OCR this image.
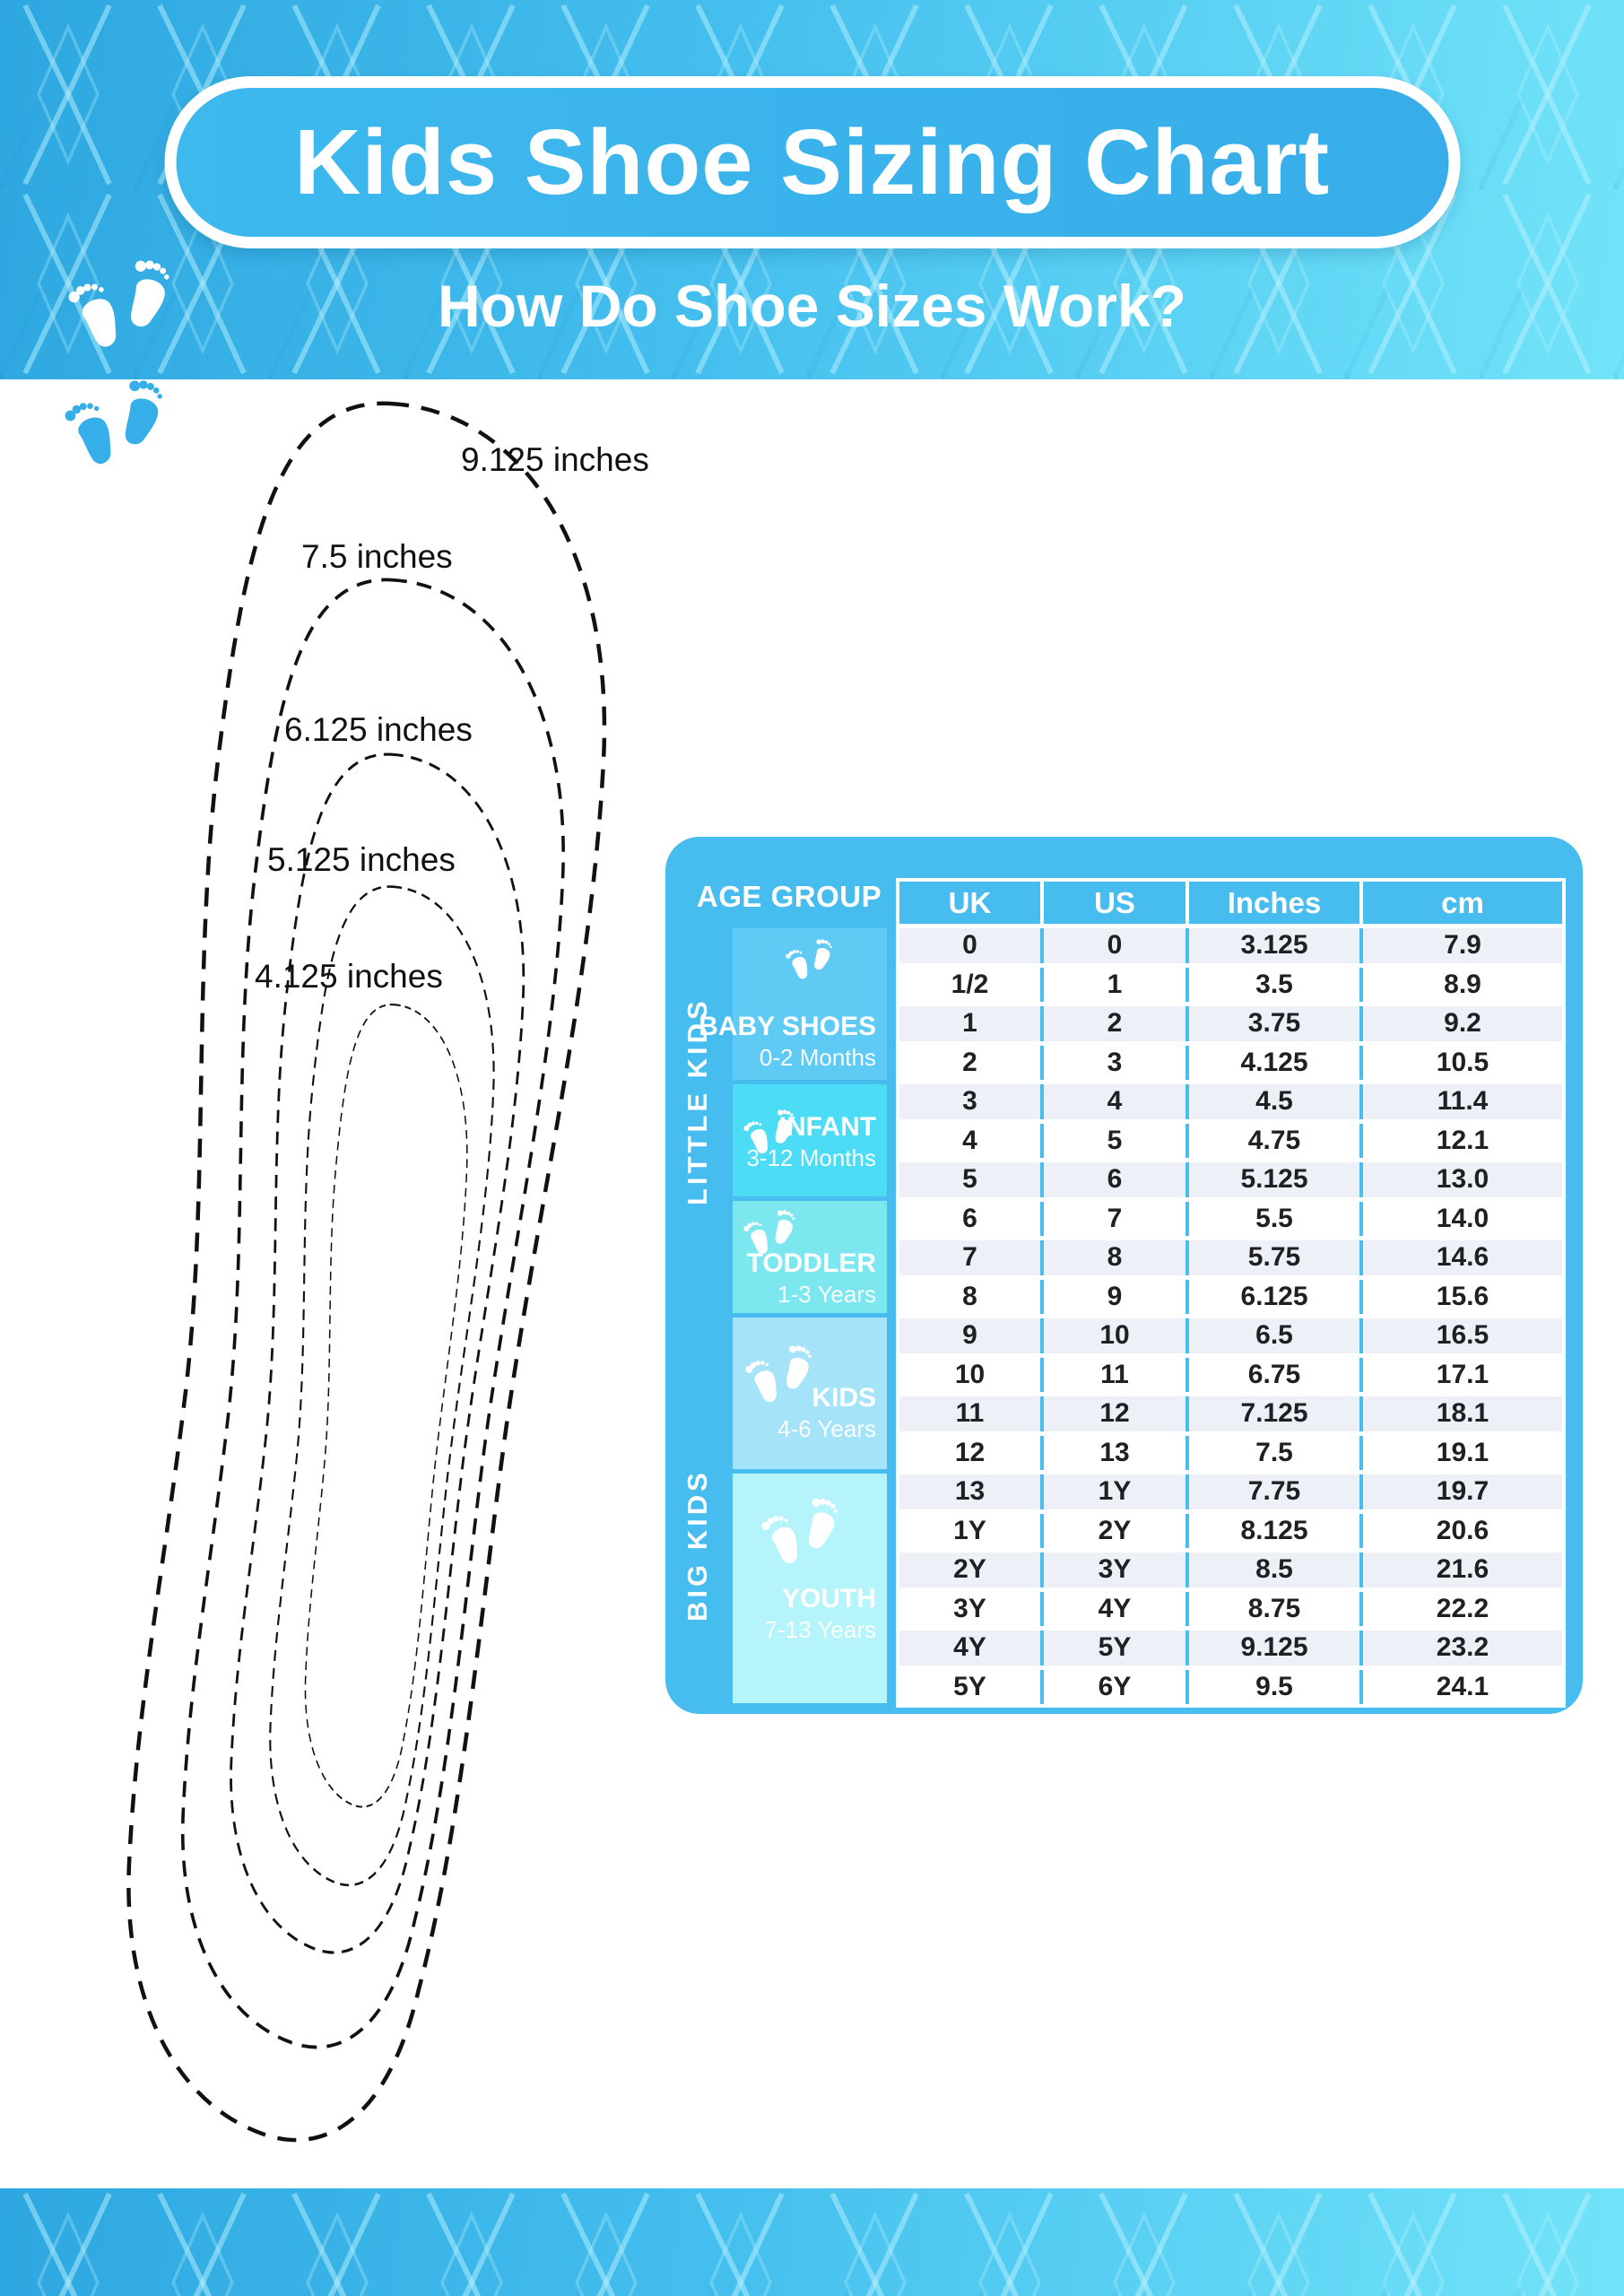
Kids Shoe Sizing Chart
How Do Shoe Sizes Work?
9.125 inches
7.5 inches
6.125 inches
5.125 inches
4.125 inches
AGE GROUP
LITTLE KIDS
BIG KIDS
BABY SHOES
0-2 Months
INFANT
3-12 Months
TODDLER
1-3 Years
KIDS
4-6 Years
YOUTH
7-13 Years
UK	US	Inches	cm
0	0	3.125	7.9
1/2	1	3.5	8.9
1	2	3.75	9.2
2	3	4.125	10.5
3	4	4.5	11.4
4	5	4.75	12.1
5	6	5.125	13.0
6	7	5.5	14.0
7	8	5.75	14.6
8	9	6.125	15.6
9	10	6.5	16.5
10	11	6.75	17.1
11	12	7.125	18.1
12	13	7.5	19.1
13	1Y	7.75	19.7
1Y	2Y	8.125	20.6
2Y	3Y	8.5	21.6
3Y	4Y	8.75	22.2
4Y	5Y	9.125	23.2
5Y	6Y	9.5	24.1
